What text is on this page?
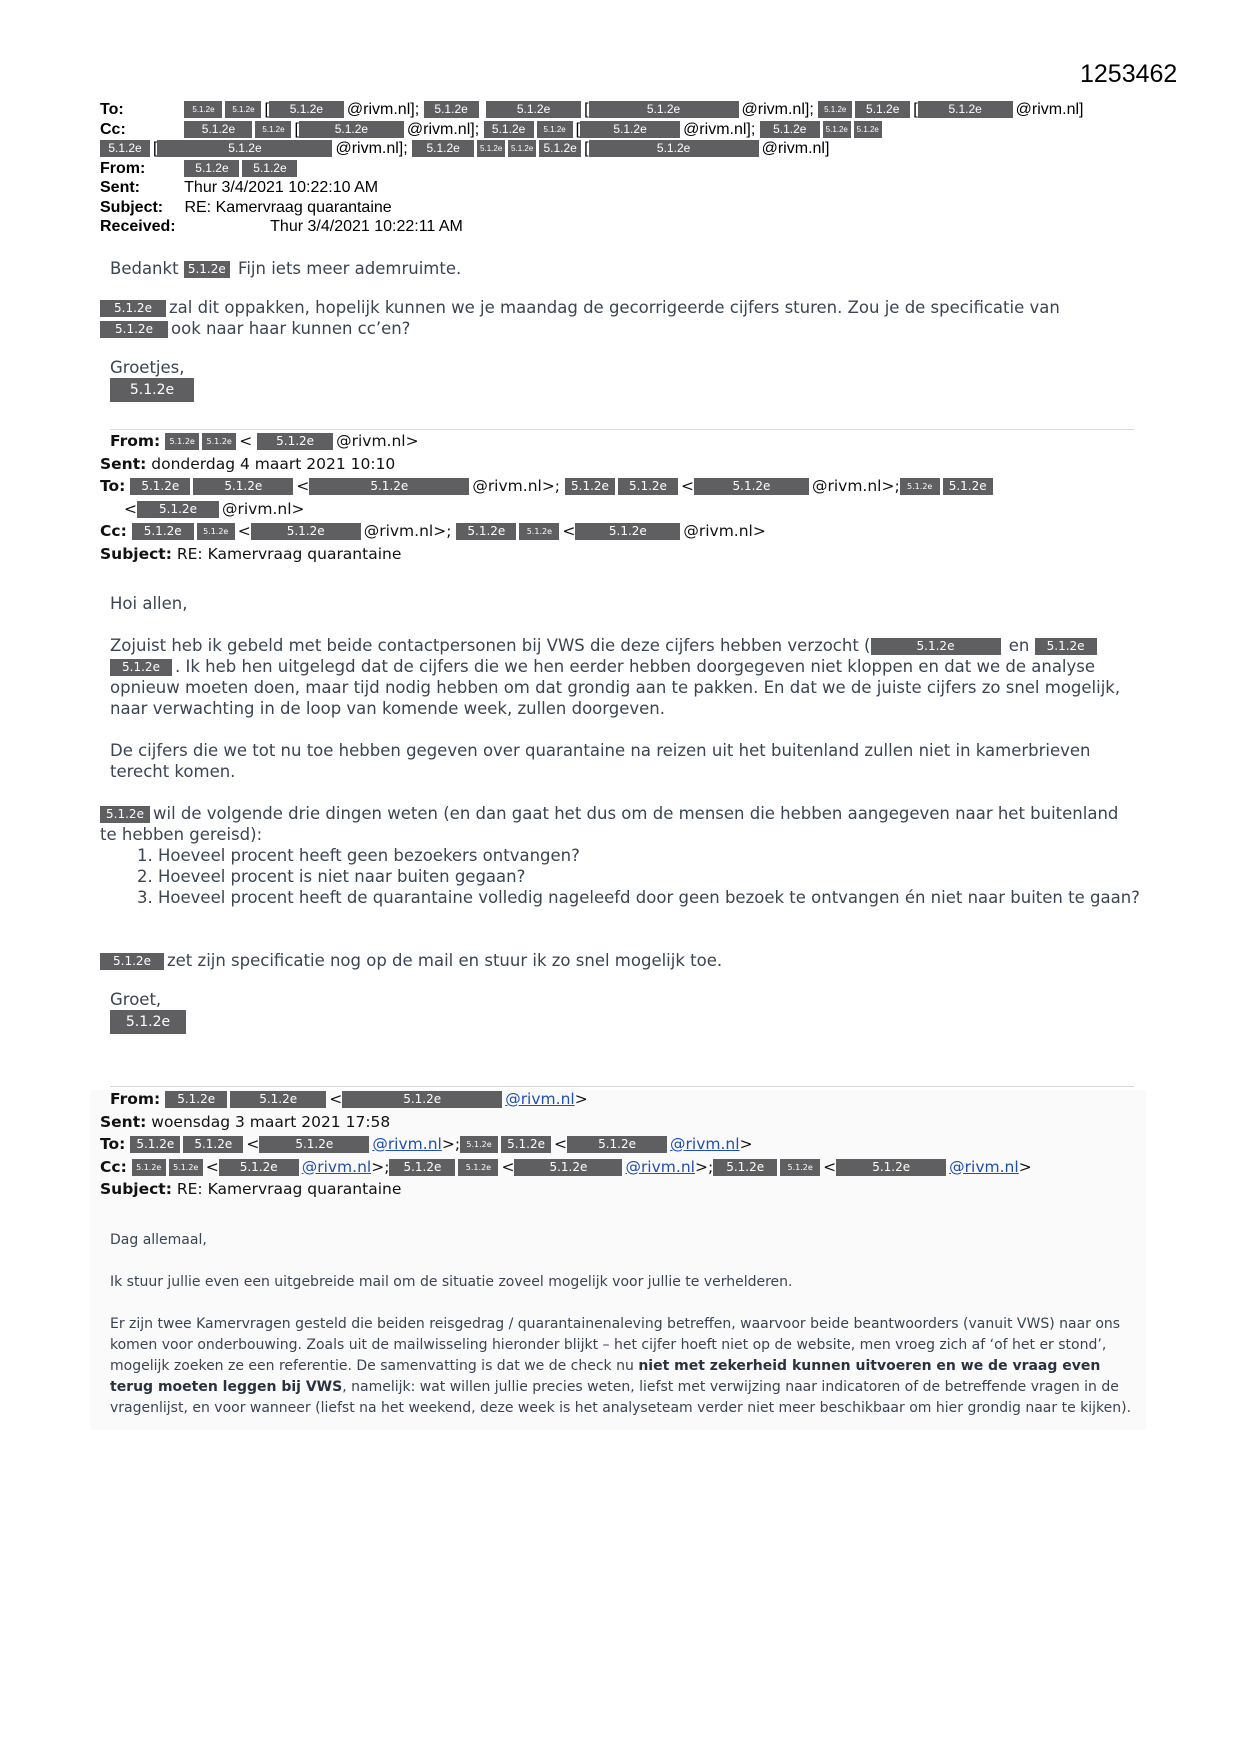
1253462
To:	5.1.2e 5.1.2e [ 5.1.2e @rivm.nl]; 5.1.2e	5.1.2e [	5.1.2e	@rivm.nl]; 5.1.2e 5.1.2e [	5.1.2e @rivm.nl]
Cc:	5.1.2e	5.1.2e [	5.1.2e @rivm.nl]; 5.1.2e 5.1.2e [	5.1.2e @rivm.nl]; 5.1.2e 5.1.2e 5.1.2e
5.1.2e [	5.1.2e	@rivm.nl]; 5.1.2e	5.1.2e 5.1.2e 5.1.2e [	5.1.2e	@rivm.nl]
From:	5.1.2e 5.1.2e
Sent:	Thur 3/4/2021 10:22:10 AM
Subject: RE: Kamervraag quarantaine
Received:	Thur 3/4/2021 10:22:11 AM
Bedankt 5.1.2e Fijn iets meer ademruimte.
5.1.2e zal dit oppakken, hopelijk kunnen we je maandag de gecorrigeerde cijfers sturen. Zou je de specificatie van
5.1.2e ook naar haar kunnen cc’en?
Groetjes,
5.1.2e
From: 5.1.2e 5.1.2e < 5.1.2e @rivm.nl>
Sent: donderdag 4 maart 2021 10:10
To: 5.1.2e	5.1.2e <	5.1.2e	@rivm.nl>; 5.1.2e 5.1.2e <	5.1.2e	@rivm.nl>; 5.1.2e 5.1.2e
< 5.1.2e @rivm.nl>
Cc: 5.1.2e	5.1.2e <	5.1.2e	@rivm.nl>; 5.1.2e	5.1.2e <	5.1.2e @rivm.nl>
Subject: RE: Kamervraag quarantaine
Hoi allen,
Zojuist heb ik gebeld met beide contactpersonen bij VWS die deze cijfers hebben verzocht (	5.1.2e	en 5.1.2e 5.1.2e . Ik heb hen uitgelegd dat de cijfers die we hen eerder hebben doorgegeven niet kloppen en dat we de analyse opnieuw moeten doen, maar tijd nodig hebben om dat grondig aan te pakken. En dat we de juiste cijfers zo snel mogelijk, naar verwachting in de loop van komende week, zullen doorgeven.
De cijfers die we tot nu toe hebben gegeven over quarantaine na reizen uit het buitenland zullen niet in kamerbrieven terecht komen.
5.1.2e wil de volgende drie dingen weten (en dan gaat het dus om de mensen die hebben aangegeven naar het buitenland te hebben gereisd):
1. Hoeveel procent heeft geen bezoekers ontvangen?
2. Hoeveel procent is niet naar buiten gegaan?
3. Hoeveel procent heeft de quarantaine volledig nageleefd door geen bezoek te ontvangen én niet naar buiten te gaan?
5.1.2e zet zijn specificatie nog op de mail en stuur ik zo snel mogelijk toe.
Groet,
5.1.2e
From: 5.1.2e	5.1.2e <	5.1.2e	@rivm.nl>
Sent: woensdag 3 maart 2021 17:58
To: 5.1.2e 5.1.2e <	5.1.2e	@rivm.nl>; 5.1.2e 5.1.2e <	5.1.2e @rivm.nl>
Cc: 5.1.2e 5.1.2e < 5.1.2e @rivm.nl>; 5.1.2e	5.1.2e <	5.1.2e @rivm.nl>; 5.1.2e	5.1.2e <	5.1.2e	@rivm.nl>
Subject: RE: Kamervraag quarantaine

Dag allemaal,

Ik stuur jullie even een uitgebreide mail om de situatie zoveel mogelijk voor jullie te verhelderen.

Er zijn twee Kamervragen gesteld die beiden reisgedrag / quarantainenaleving betreffen, waarvoor beide beantwoorders (vanuit VWS) naar ons komen voor onderbouwing. Zoals uit de mailwisseling hieronder blijkt – het cijfer hoeft niet op de website, men vroeg zich af ‘of het er stond’, mogelijk zoeken ze een referentie. De samenvatting is dat we de check nu niet met zekerheid kunnen uitvoeren en we de vraag even terug moeten leggen bij VWS, namelijk: wat willen jullie precies weten, liefst met verwijzing naar indicatoren of de betreffende vragen in de vragenlijst, en voor wanneer (liefst na het weekend, deze week is het analyseteam verder niet meer beschikbaar om hier grondig naar te kijken).
